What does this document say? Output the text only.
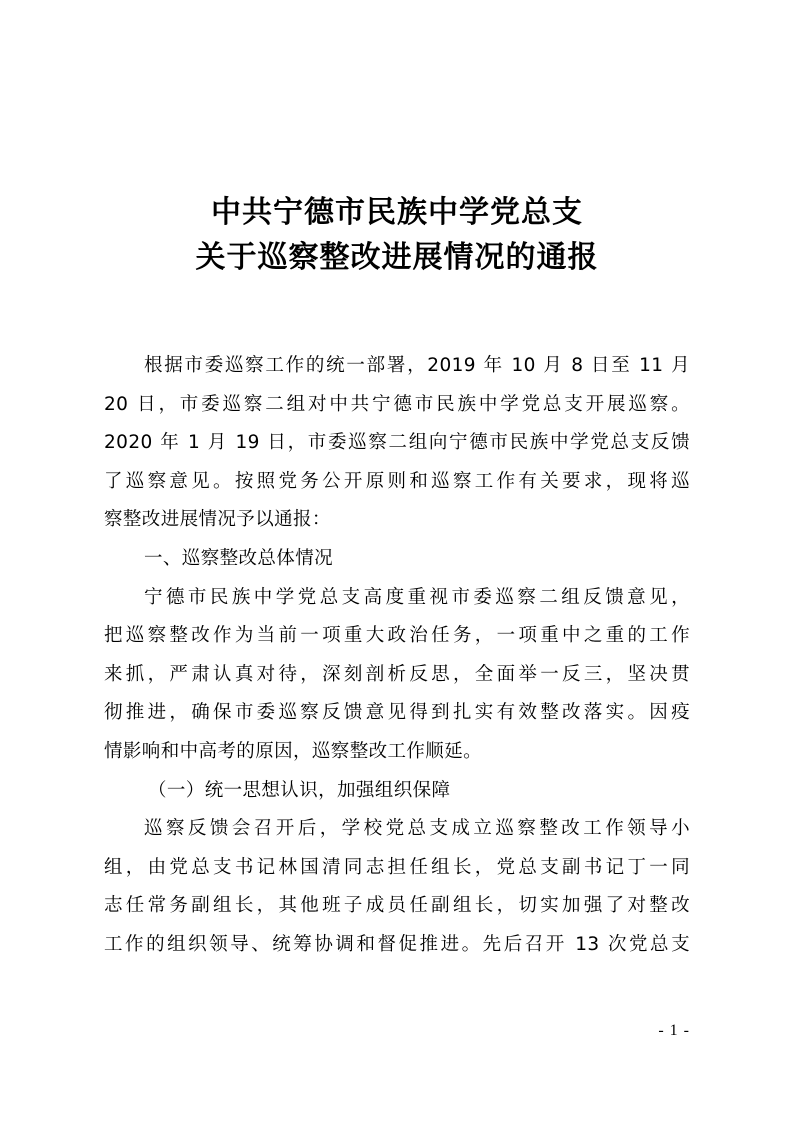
中共宁德市民族中学党总支
关于巡察整改进展情况的通报
根据市委巡察工作的统一部署，2019 年 10 月 8 日至 11 月
20 日，市委巡察二组对中共宁德市民族中学党总支开展巡察。
2020 年 1 月 19 日，市委巡察二组向宁德市民族中学党总支反馈
了巡察意见。按照党务公开原则和巡察工作有关要求，现将巡
察整改进展情况予以通报：
一、巡察整改总体情况
宁德市民族中学党总支高度重视市委巡察二组反馈意见，
把巡察整改作为当前一项重大政治任务，一项重中之重的工作
来抓，严肃认真对待，深刻剖析反思，全面举一反三，坚决贯
彻推进，确保市委巡察反馈意见得到扎实有效整改落实。因疫
情影响和中高考的原因，巡察整改工作顺延。
（一）统一思想认识，加强组织保障
巡察反馈会召开后，学校党总支成立巡察整改工作领导小
组，由党总支书记林国清同志担任组长，党总支副书记丁一同
志任常务副组长，其他班子成员任副组长，切实加强了对整改
工作的组织领导、统筹协调和督促推进。先后召开 13 次党总支
- 1 -
